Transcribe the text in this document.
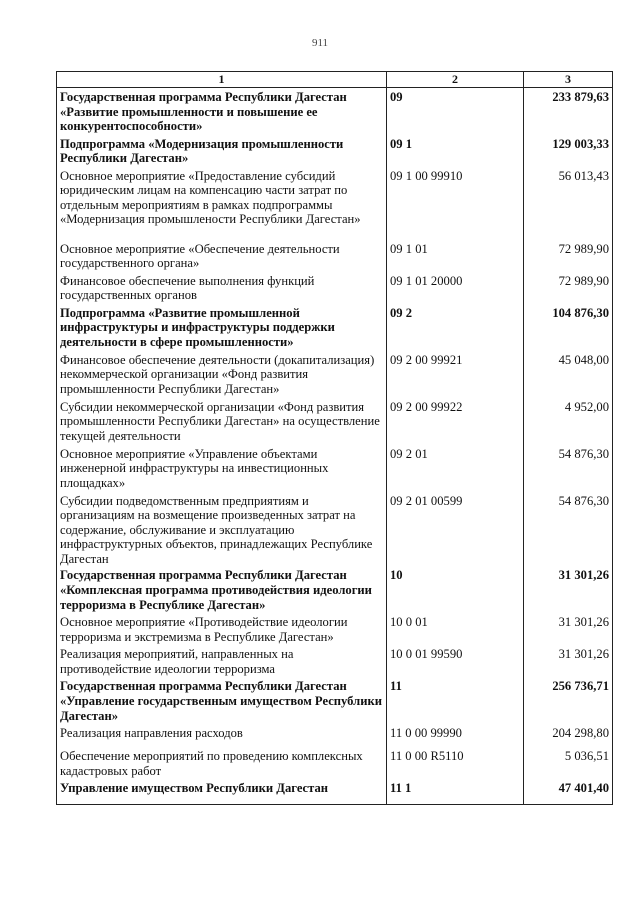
911
1	2	3
Государственная программа Республики Дагестан «Развитие промышленности и повышение ее конкурентоспособности»	09	233 879,63
Подпрограмма «Модернизация промышленности Республики Дагестан»	09 1	129 003,33
Основное мероприятие «Предоставление субсидий юридическим лицам на компенсацию части затрат по отдельным мероприятиям в рамках подпрограммы «Модернизация промышлености Республики Дагестан»	09 1 00 99910	56 013,43
Основное мероприятие «Обеспечение деятельности государственного органа»	09 1 01	72 989,90
Финансовое обеспечение выполнения функций государственных органов	09 1 01 20000	72 989,90
Подпрограмма «Развитие промышленной инфраструктуры и инфраструктуры поддержки деятельности в сфере промышленности»	09 2	104 876,30
Финансовое обеспечение деятельности (докапитализация) некоммерческой организации «Фонд развития промышленности Республики Дагестан»	09 2 00 99921	45 048,00
Субсидии некоммерческой организации «Фонд развития промышленности Республики Дагестан» на осуществление текущей деятельности	09 2 00 99922	4 952,00
Основное мероприятие «Управление объектами инженерной инфраструктуры на инвестиционных площадках»	09 2 01	54 876,30
Субсидии подведомственным предприятиям и организациям на возмещение произведенных затрат на содержание, обслуживание и эксплуатацию инфраструктурных объектов, принадлежащих Республике Дагестан	09 2 01 00599	54 876,30
Государственная программа Республики Дагестан «Комплексная программа противодействия идеологии терроризма в Республике Дагестан»	10	31 301,26
Основное мероприятие «Противодействие идеологии терроризма и экстремизма в Республике Дагестан»	10 0 01	31 301,26
Реализация мероприятий, направленных на противодействие идеологии терроризма	10 0 01 99590	31 301,26
Государственная программа Республики Дагестан «Управление государственным имуществом Республики Дагестан»	11	256 736,71
Реализация направления расходов	11 0 00 99990	204 298,80
Обеспечение мероприятий по проведению комплексных кадастровых работ	11 0 00 R5110	5 036,51
Управление имуществом Республики Дагестан	11 1	47 401,40
